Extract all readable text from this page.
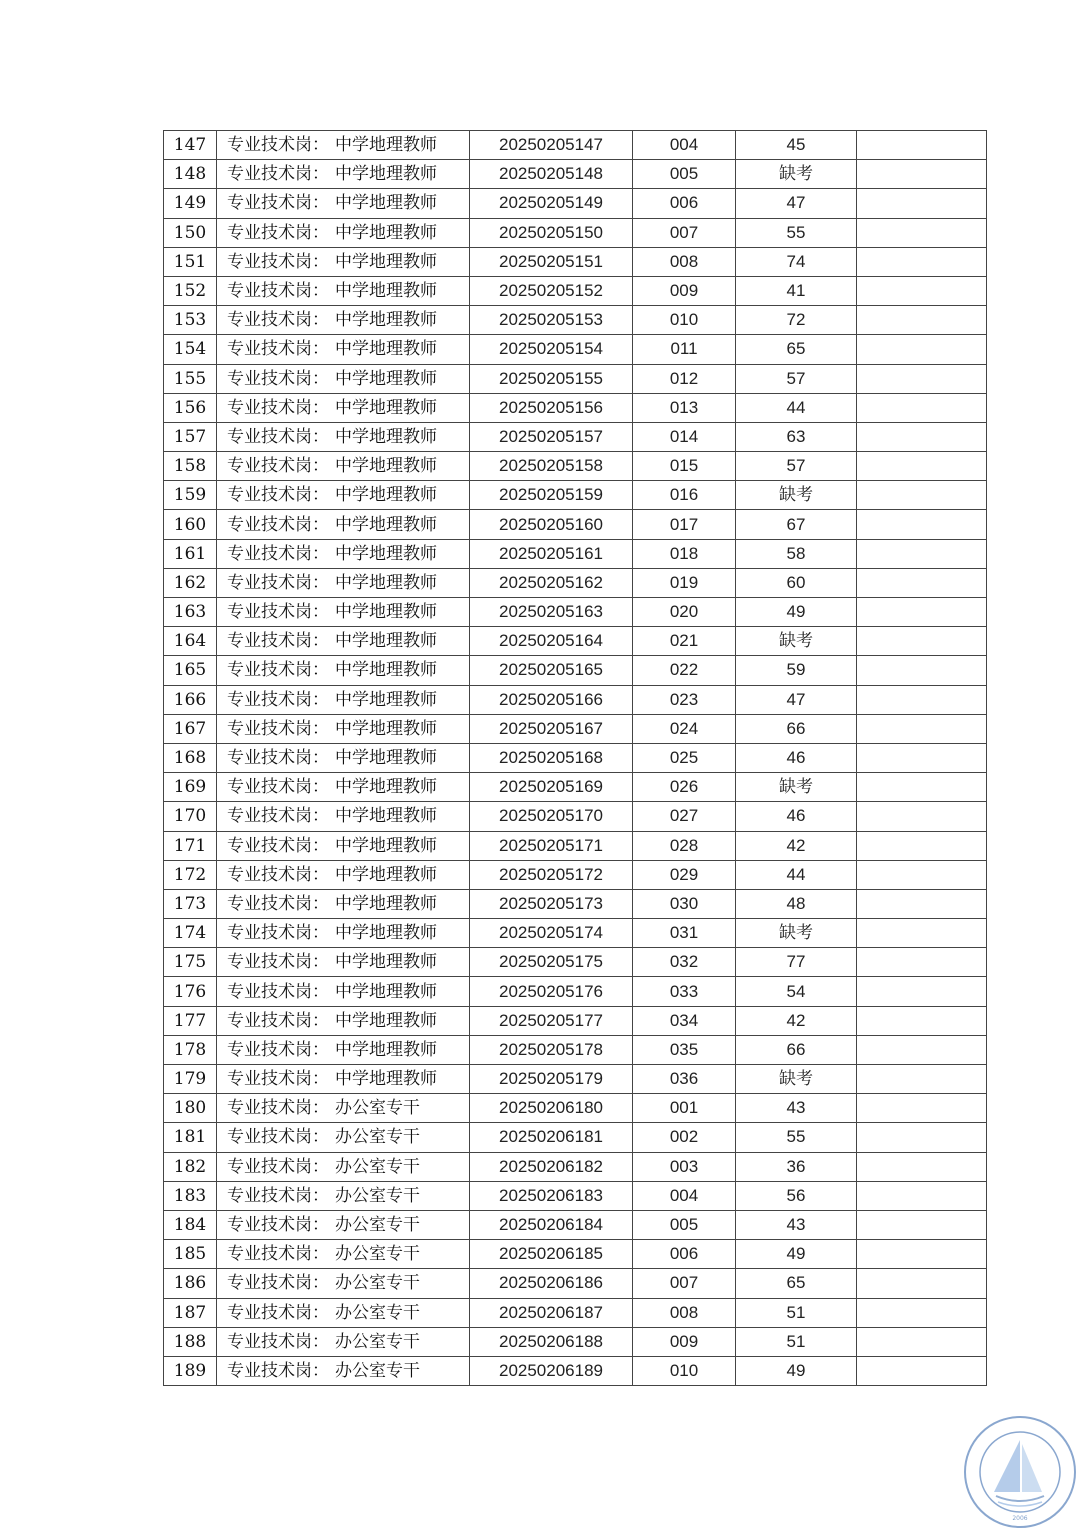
147	专业技术岗： 中学地理教师	20250205147	004	45	
148	专业技术岗： 中学地理教师	20250205148	005	缺考	
149	专业技术岗： 中学地理教师	20250205149	006	47	
150	专业技术岗： 中学地理教师	20250205150	007	55	
151	专业技术岗： 中学地理教师	20250205151	008	74	
152	专业技术岗： 中学地理教师	20250205152	009	41	
153	专业技术岗： 中学地理教师	20250205153	010	72	
154	专业技术岗： 中学地理教师	20250205154	011	65	
155	专业技术岗： 中学地理教师	20250205155	012	57	
156	专业技术岗： 中学地理教师	20250205156	013	44	
157	专业技术岗： 中学地理教师	20250205157	014	63	
158	专业技术岗： 中学地理教师	20250205158	015	57	
159	专业技术岗： 中学地理教师	20250205159	016	缺考	
160	专业技术岗： 中学地理教师	20250205160	017	67	
161	专业技术岗： 中学地理教师	20250205161	018	58	
162	专业技术岗： 中学地理教师	20250205162	019	60	
163	专业技术岗： 中学地理教师	20250205163	020	49	
164	专业技术岗： 中学地理教师	20250205164	021	缺考	
165	专业技术岗： 中学地理教师	20250205165	022	59	
166	专业技术岗： 中学地理教师	20250205166	023	47	
167	专业技术岗： 中学地理教师	20250205167	024	66	
168	专业技术岗： 中学地理教师	20250205168	025	46	
169	专业技术岗： 中学地理教师	20250205169	026	缺考	
170	专业技术岗： 中学地理教师	20250205170	027	46	
171	专业技术岗： 中学地理教师	20250205171	028	42	
172	专业技术岗： 中学地理教师	20250205172	029	44	
173	专业技术岗： 中学地理教师	20250205173	030	48	
174	专业技术岗： 中学地理教师	20250205174	031	缺考	
175	专业技术岗： 中学地理教师	20250205175	032	77	
176	专业技术岗： 中学地理教师	20250205176	033	54	
177	专业技术岗： 中学地理教师	20250205177	034	42	
178	专业技术岗： 中学地理教师	20250205178	035	66	
179	专业技术岗： 中学地理教师	20250205179	036	缺考	
180	专业技术岗： 办公室专干	20250206180	001	43	
181	专业技术岗： 办公室专干	20250206181	002	55	
182	专业技术岗： 办公室专干	20250206182	003	36	
183	专业技术岗： 办公室专干	20250206183	004	56	
184	专业技术岗： 办公室专干	20250206184	005	43	
185	专业技术岗： 办公室专干	20250206185	006	49	
186	专业技术岗： 办公室专干	20250206186	007	65	
187	专业技术岗： 办公室专干	20250206187	008	51	
188	专业技术岗： 办公室专干	20250206188	009	51	
189	专业技术岗： 办公室专干	20250206189	010	49	
2006
